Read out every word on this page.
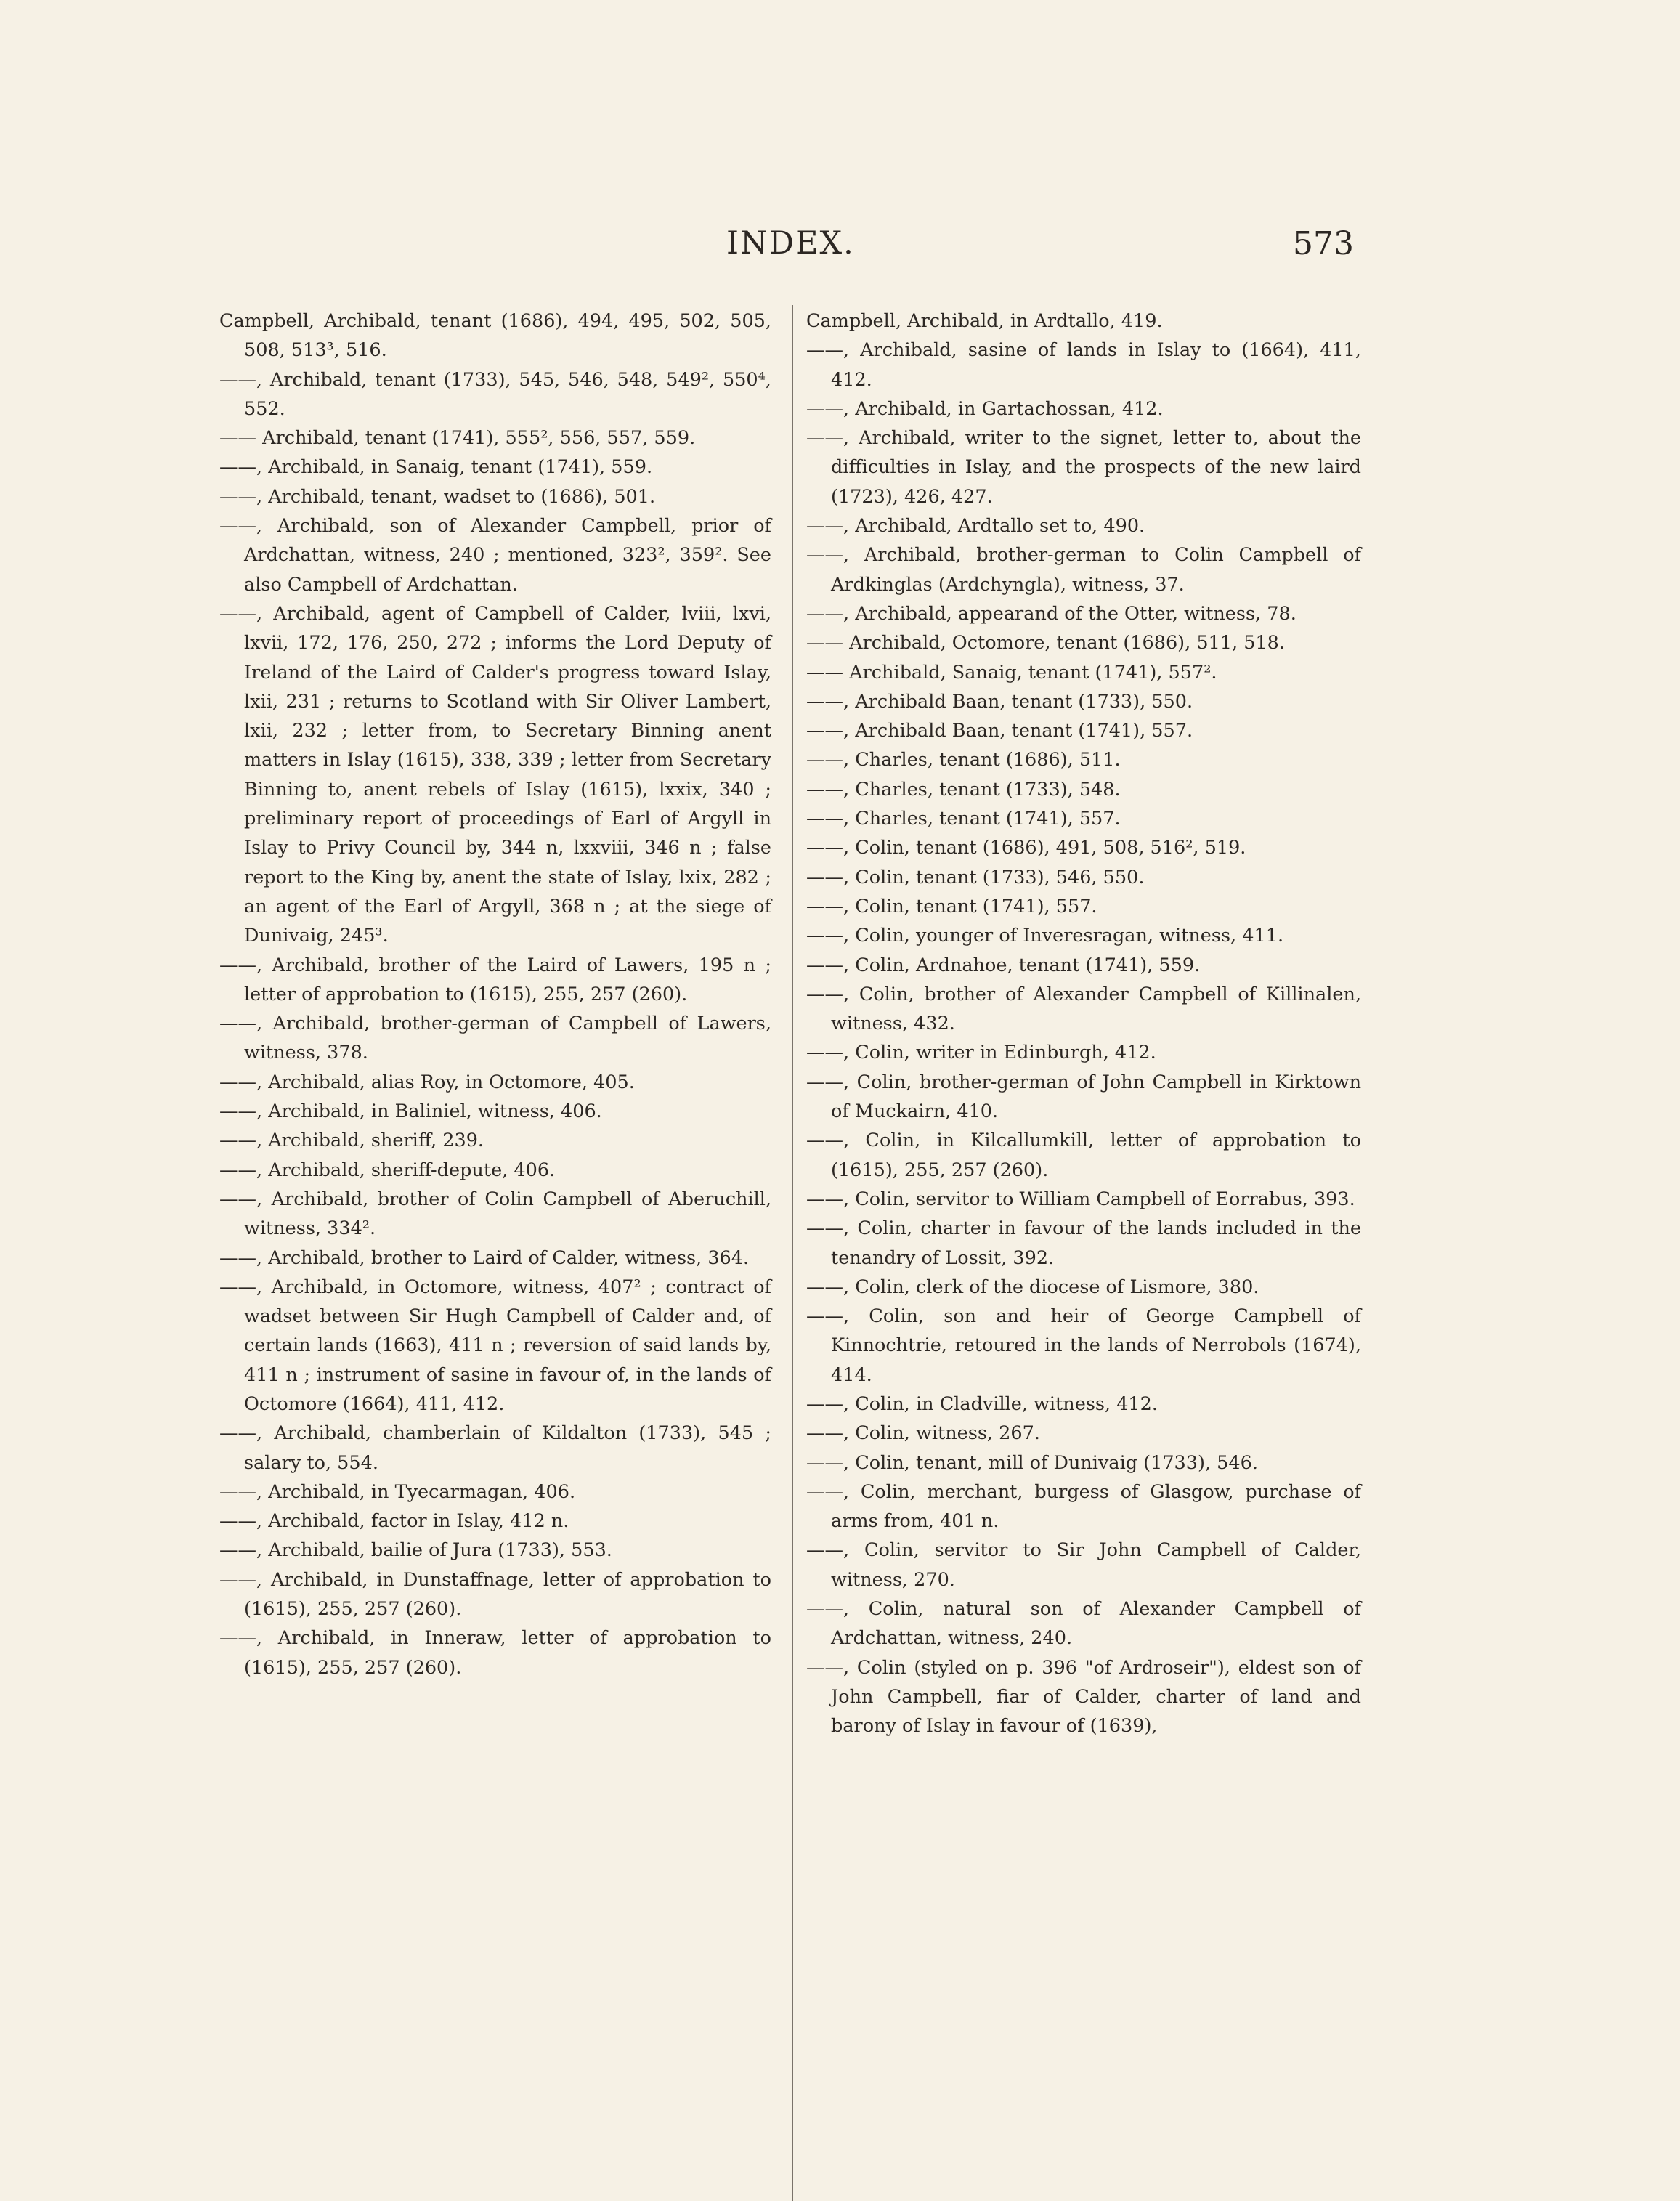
INDEX.	573

Campbell, Archibald, tenant (1686), 494, 495, 502, 505, 508, 513³, 516.

——, Archibald, tenant (1733), 545, 546, 548, 549², 550⁴, 552.

—— Archibald, tenant (1741), 555², 556, 557, 559.

——, Archibald, in Sanaig, tenant (1741), 559.

——, Archibald, tenant, wadset to (1686), 501.

——, Archibald, son of Alexander Campbell, prior of Ardchattan, witness, 240 ; mentioned, 323², 359². See also Campbell of Ardchattan.

——, Archibald, agent of Campbell of Calder, lviii, lxvi, lxvii, 172, 176, 250, 272 ; informs the Lord Deputy of Ireland of the Laird of Calder's progress toward Islay, lxii, 231 ; returns to Scotland with Sir Oliver Lambert, lxii, 232 ; letter from, to Secretary Binning anent matters in Islay (1615), 338, 339 ; letter from Secretary Binning to, anent rebels of Islay (1615), lxxix, 340 ; preliminary report of proceedings of Earl of Argyll in Islay to Privy Council by, 344 n, lxxviii, 346 n ; false report to the King by, anent the state of Islay, lxix, 282 ; an agent of the Earl of Argyll, 368 n ; at the siege of Dunivaig, 245³.

——, Archibald, brother of the Laird of Lawers, 195 n ; letter of approbation to (1615), 255, 257 (260).

——, Archibald, brother-german of Campbell of Lawers, witness, 378.

——, Archibald, alias Roy, in Octomore, 405.

——, Archibald, in Baliniel, witness, 406.

——, Archibald, sheriff, 239.

——, Archibald, sheriff-depute, 406.

——, Archibald, brother of Colin Campbell of Aberuchill, witness, 334².

——, Archibald, brother to Laird of Calder, witness, 364.

——, Archibald, in Octomore, witness, 407² ; contract of wadset between Sir Hugh Campbell of Calder and, of certain lands (1663), 411 n ; reversion of said lands by, 411 n ; instrument of sasine in favour of, in the lands of Octomore (1664), 411, 412.

——, Archibald, chamberlain of Kildalton (1733), 545 ; salary to, 554.

——, Archibald, in Tyecarmagan, 406.

——, Archibald, factor in Islay, 412 n.

——, Archibald, bailie of Jura (1733), 553.

——, Archibald, in Dunstaffnage, letter of approbation to (1615), 255, 257 (260).

——, Archibald, in Inneraw, letter of approbation to (1615), 255, 257 (260).

Campbell, Archibald, in Ardtallo, 419.

——, Archibald, sasine of lands in Islay to (1664), 411, 412.

——, Archibald, in Gartachossan, 412.

——, Archibald, writer to the signet, letter to, about the difficulties in Islay, and the prospects of the new laird (1723), 426, 427.

——, Archibald, Ardtallo set to, 490.

——, Archibald, brother-german to Colin Campbell of Ardkinglas (Ardchyngla), witness, 37.

——, Archibald, appearand of the Otter, witness, 78.

—— Archibald, Octomore, tenant (1686), 511, 518.

—— Archibald, Sanaig, tenant (1741), 557².

——, Archibald Baan, tenant (1733), 550.

——, Archibald Baan, tenant (1741), 557.

——, Charles, tenant (1686), 511.

——, Charles, tenant (1733), 548.

——, Charles, tenant (1741), 557.

——, Colin, tenant (1686), 491, 508, 516², 519.

——, Colin, tenant (1733), 546, 550.

——, Colin, tenant (1741), 557.

——, Colin, younger of Inveresragan, witness, 411.

——, Colin, Ardnahoe, tenant (1741), 559.

——, Colin, brother of Alexander Campbell of Killinalen, witness, 432.

——, Colin, writer in Edinburgh, 412.

——, Colin, brother-german of John Campbell in Kirktown of Muckairn, 410.

——, Colin, in Kilcallumkill, letter of approbation to (1615), 255, 257 (260).

——, Colin, servitor to William Campbell of Eorrabus, 393.

——, Colin, charter in favour of the lands included in the tenandry of Lossit, 392.

——, Colin, clerk of the diocese of Lismore, 380.

——, Colin, son and heir of George Campbell of Kinnochtrie, retoured in the lands of Nerrobols (1674), 414.

——, Colin, in Cladville, witness, 412.

——, Colin, witness, 267.

——, Colin, tenant, mill of Dunivaig (1733), 546.

——, Colin, merchant, burgess of Glasgow, purchase of arms from, 401 n.

——, Colin, servitor to Sir John Campbell of Calder, witness, 270.

——, Colin, natural son of Alexander Campbell of Ardchattan, witness, 240.

——, Colin (styled on p. 396 "of Ardroseir"), eldest son of John Campbell, fiar of Calder, charter of land and barony of Islay in favour of (1639),
